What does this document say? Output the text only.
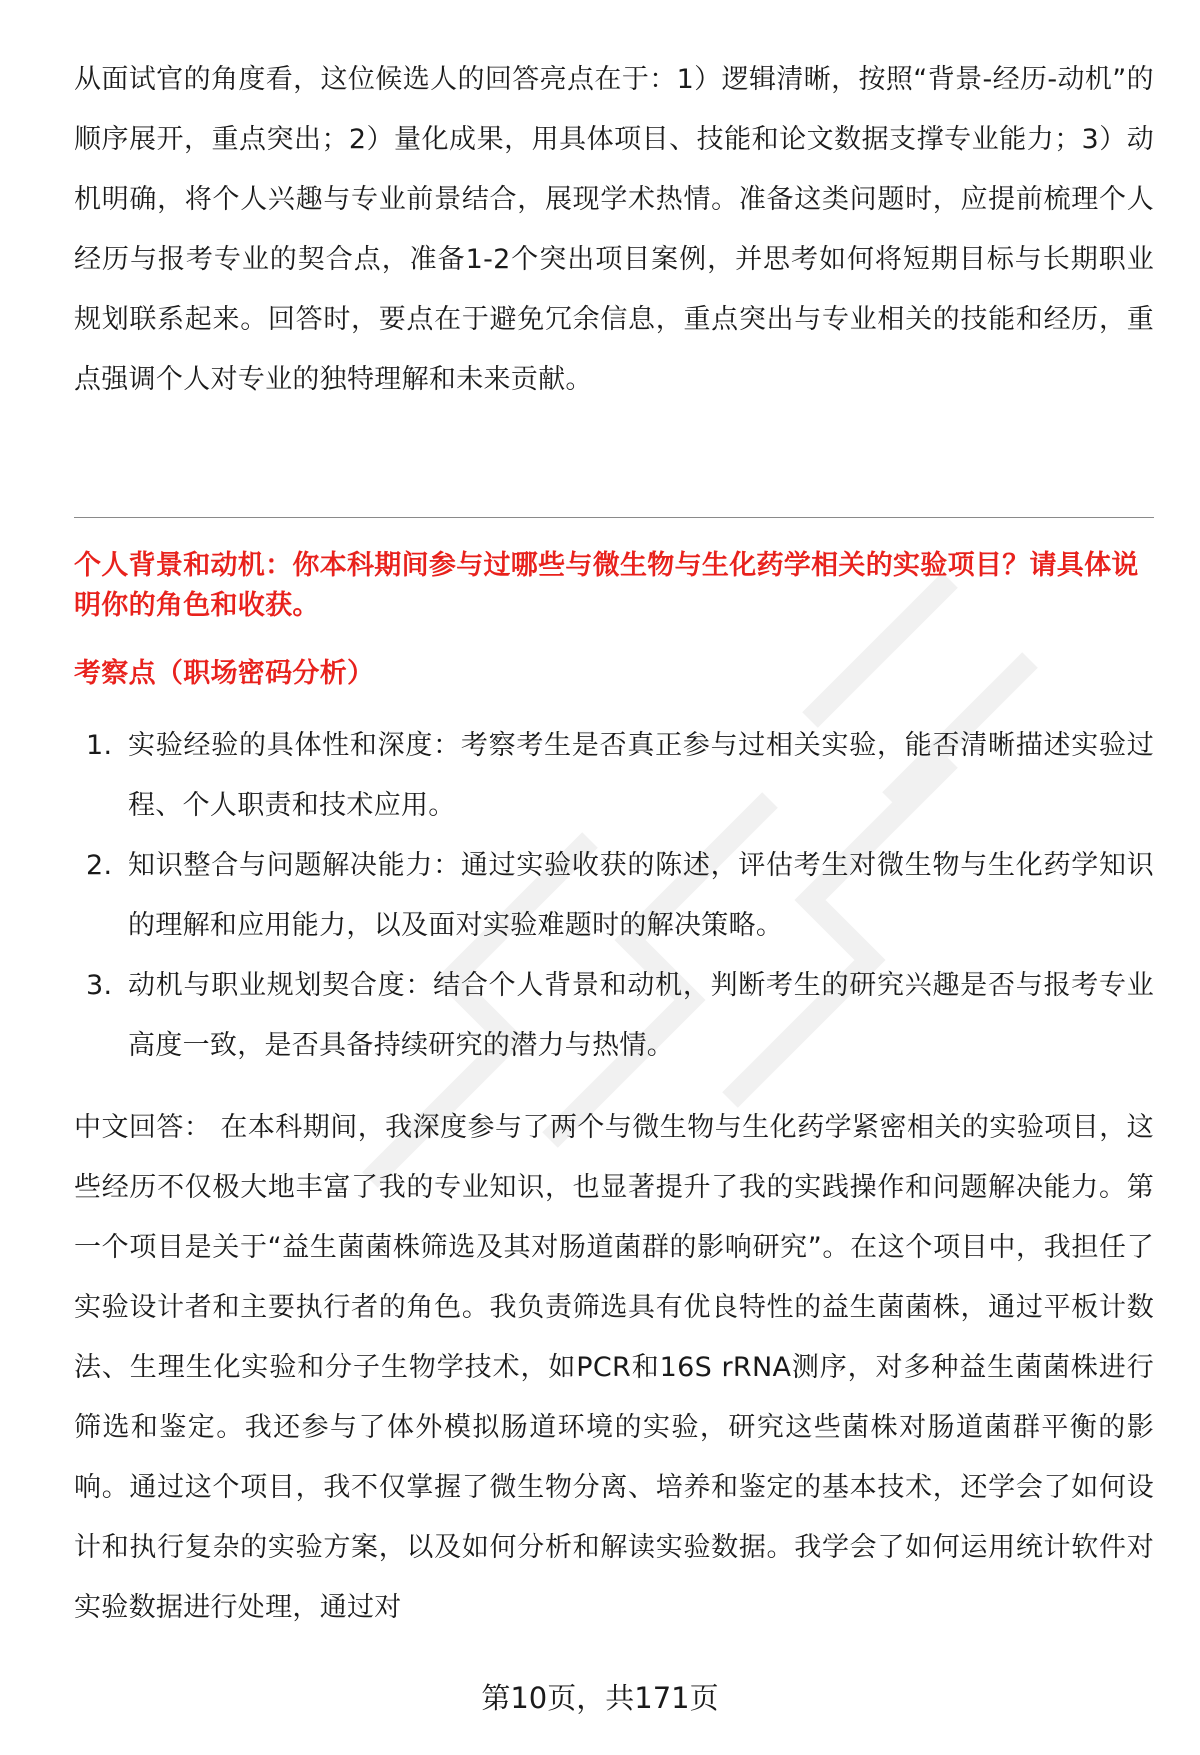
从面试官的角度看，这位候选人的回答亮点在于：1）逻辑清晰，按照“背景-经历-动机”的顺序展开，重点突出；2）量化成果，用具体项目、技能和论文数据支撑专业能力；3）动机明确，将个人兴趣与专业前景结合，展现学术热情。准备这类问题时，应提前梳理个人经历与报考专业的契合点，准备1-2个突出项目案例，并思考如何将短期目标与长期职业规划联系起来。回答时，要点在于避免冗余信息，重点突出与专业相关的技能和经历，重点强调个人对专业的独特理解和未来贡献。

个人背景和动机：你本科期间参与过哪些与微生物与生化药学相关的实验项目？请具体说明你的角色和收获。

考察点（职场密码分析）

1. 实验经验的具体性和深度：考察考生是否真正参与过相关实验，能否清晰描述实验过程、个人职责和技术应用。
2. 知识整合与问题解决能力：通过实验收获的陈述，评估考生对微生物与生化药学知识的理解和应用能力，以及面对实验难题时的解决策略。
3. 动机与职业规划契合度：结合个人背景和动机，判断考生的研究兴趣是否与报考专业高度一致，是否具备持续研究的潜力与热情。

中文回答： 在本科期间，我深度参与了两个与微生物与生化药学紧密相关的实验项目，这些经历不仅极大地丰富了我的专业知识，也显著提升了我的实践操作和问题解决能力。第一个项目是关于“益生菌菌株筛选及其对肠道菌群的影响研究”。在这个项目中，我担任了实验设计者和主要执行者的角色。我负责筛选具有优良特性的益生菌菌株，通过平板计数法、生理生化实验和分子生物学技术，如PCR和16S rRNA测序，对多种益生菌菌株进行筛选和鉴定。我还参与了体外模拟肠道环境的实验，研究这些菌株对肠道菌群平衡的影响。通过这个项目，我不仅掌握了微生物分离、培养和鉴定的基本技术，还学会了如何设计和执行复杂的实验方案，以及如何分析和解读实验数据。我学会了如何运用统计软件对实验数据进行处理，通过对

第10页，共171页
